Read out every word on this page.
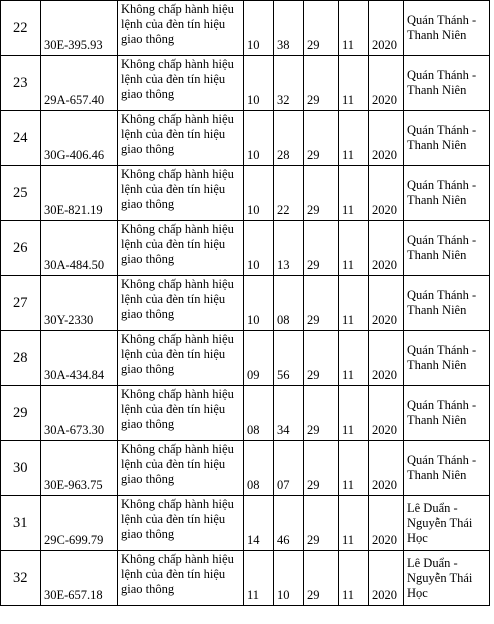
22	30E-395.93	Không chấp hành hiệu
lệnh của đèn tín hiệu
giao thông	10	38	29	11	2020	Quán Thánh -
Thanh Niên
23	29A-657.40	Không chấp hành hiệu
lệnh của đèn tín hiệu
giao thông	10	32	29	11	2020	Quán Thánh -
Thanh Niên
24	30G-406.46	Không chấp hành hiệu
lệnh của đèn tín hiệu
giao thông	10	28	29	11	2020	Quán Thánh -
Thanh Niên
25	30E-821.19	Không chấp hành hiệu
lệnh của đèn tín hiệu
giao thông	10	22	29	11	2020	Quán Thánh -
Thanh Niên
26	30A-484.50	Không chấp hành hiệu
lệnh của đèn tín hiệu
giao thông	10	13	29	11	2020	Quán Thánh -
Thanh Niên
27	30Y-2330	Không chấp hành hiệu
lệnh của đèn tín hiệu
giao thông	10	08	29	11	2020	Quán Thánh -
Thanh Niên
28	30A-434.84	Không chấp hành hiệu
lệnh của đèn tín hiệu
giao thông	09	56	29	11	2020	Quán Thánh -
Thanh Niên
29	30A-673.30	Không chấp hành hiệu
lệnh của đèn tín hiệu
giao thông	08	34	29	11	2020	Quán Thánh -
Thanh Niên
30	30E-963.75	Không chấp hành hiệu
lệnh của đèn tín hiệu
giao thông	08	07	29	11	2020	Quán Thánh -
Thanh Niên
31	29C-699.79	Không chấp hành hiệu
lệnh của đèn tín hiệu
giao thông	14	46	29	11	2020	Lê Duẩn -
Nguyễn Thái
Học
32	30E-657.18	Không chấp hành hiệu
lệnh của đèn tín hiệu
giao thông	11	10	29	11	2020	Lê Duẩn -
Nguyễn Thái
Học
